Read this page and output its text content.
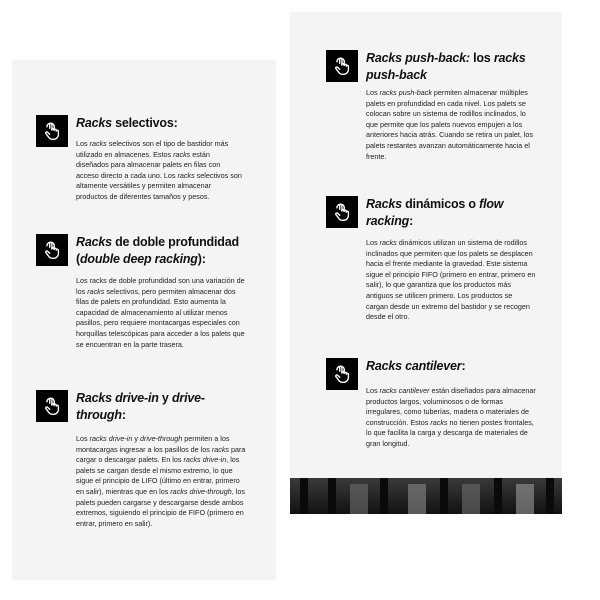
Racks selectivos:
Los racks selectivos son el tipo de bastidor más utilizado en almacenes. Estos racks están diseñados para almacenar palets en filas con acceso directo a cada uno. Los racks selectivos son altamente versátiles y permiten almacenar productos de diferentes tamaños y pesos.
Racks de doble profundidad (double deep racking):
Los racks de doble profundidad son una variación de los racks selectivos, pero permiten almacenar dos filas de palets en profundidad. Esto aumenta la capacidad de almacenamiento al utilizar menos pasillos, pero requiere montacargas especiales con horquillas telescópicas para acceder a los palets que se encuentran en la parte trasera.
Racks drive-in y drive-through:
Los racks drive-in y drive-through permiten a los montacargas ingresar a los pasillos de los racks para cargar o descargar palets. En los racks drive-in, los palets se cargan desde el mismo extremo, lo que sigue el principio de LIFO (último en entrar, primero en salir), mientras que en los racks drive-through, los palets pueden cargarse y descargarse desde ambos extremos, siguiendo el principio de FIFO (primero en entrar, primero en salir).
Racks push-back: los racks push-back
Los racks push-back permiten almacenar múltiples palets en profundidad en cada nivel. Los palets se colocan sobre un sistema de rodillos inclinados, lo que permite que los palets nuevos empujen a los anteriores hacia atrás. Cuando se retira un palet, los palets restantes avanzan automáticamente hacia el frente.
Racks dinámicos o flow racking:
Los racks dinámicos utilizan un sistema de rodillos inclinados que permiten que los palets se desplacen hacia el frente mediante la gravedad. Este sistema sigue el principio FIFO (primero en entrar, primero en salir), lo que garantiza que los productos más antiguos se utilicen primero. Los productos se cargan desde un extremo del bastidor y se recogen desde el otro.
Racks cantilever:
Los racks cantilever están diseñados para almacenar productos largos, voluminosos o de formas irregulares, como tuberías, madera o materiales de construcción. Estos racks no tienen postes frontales, lo que facilita la carga y descarga de materiales de gran longitud.
